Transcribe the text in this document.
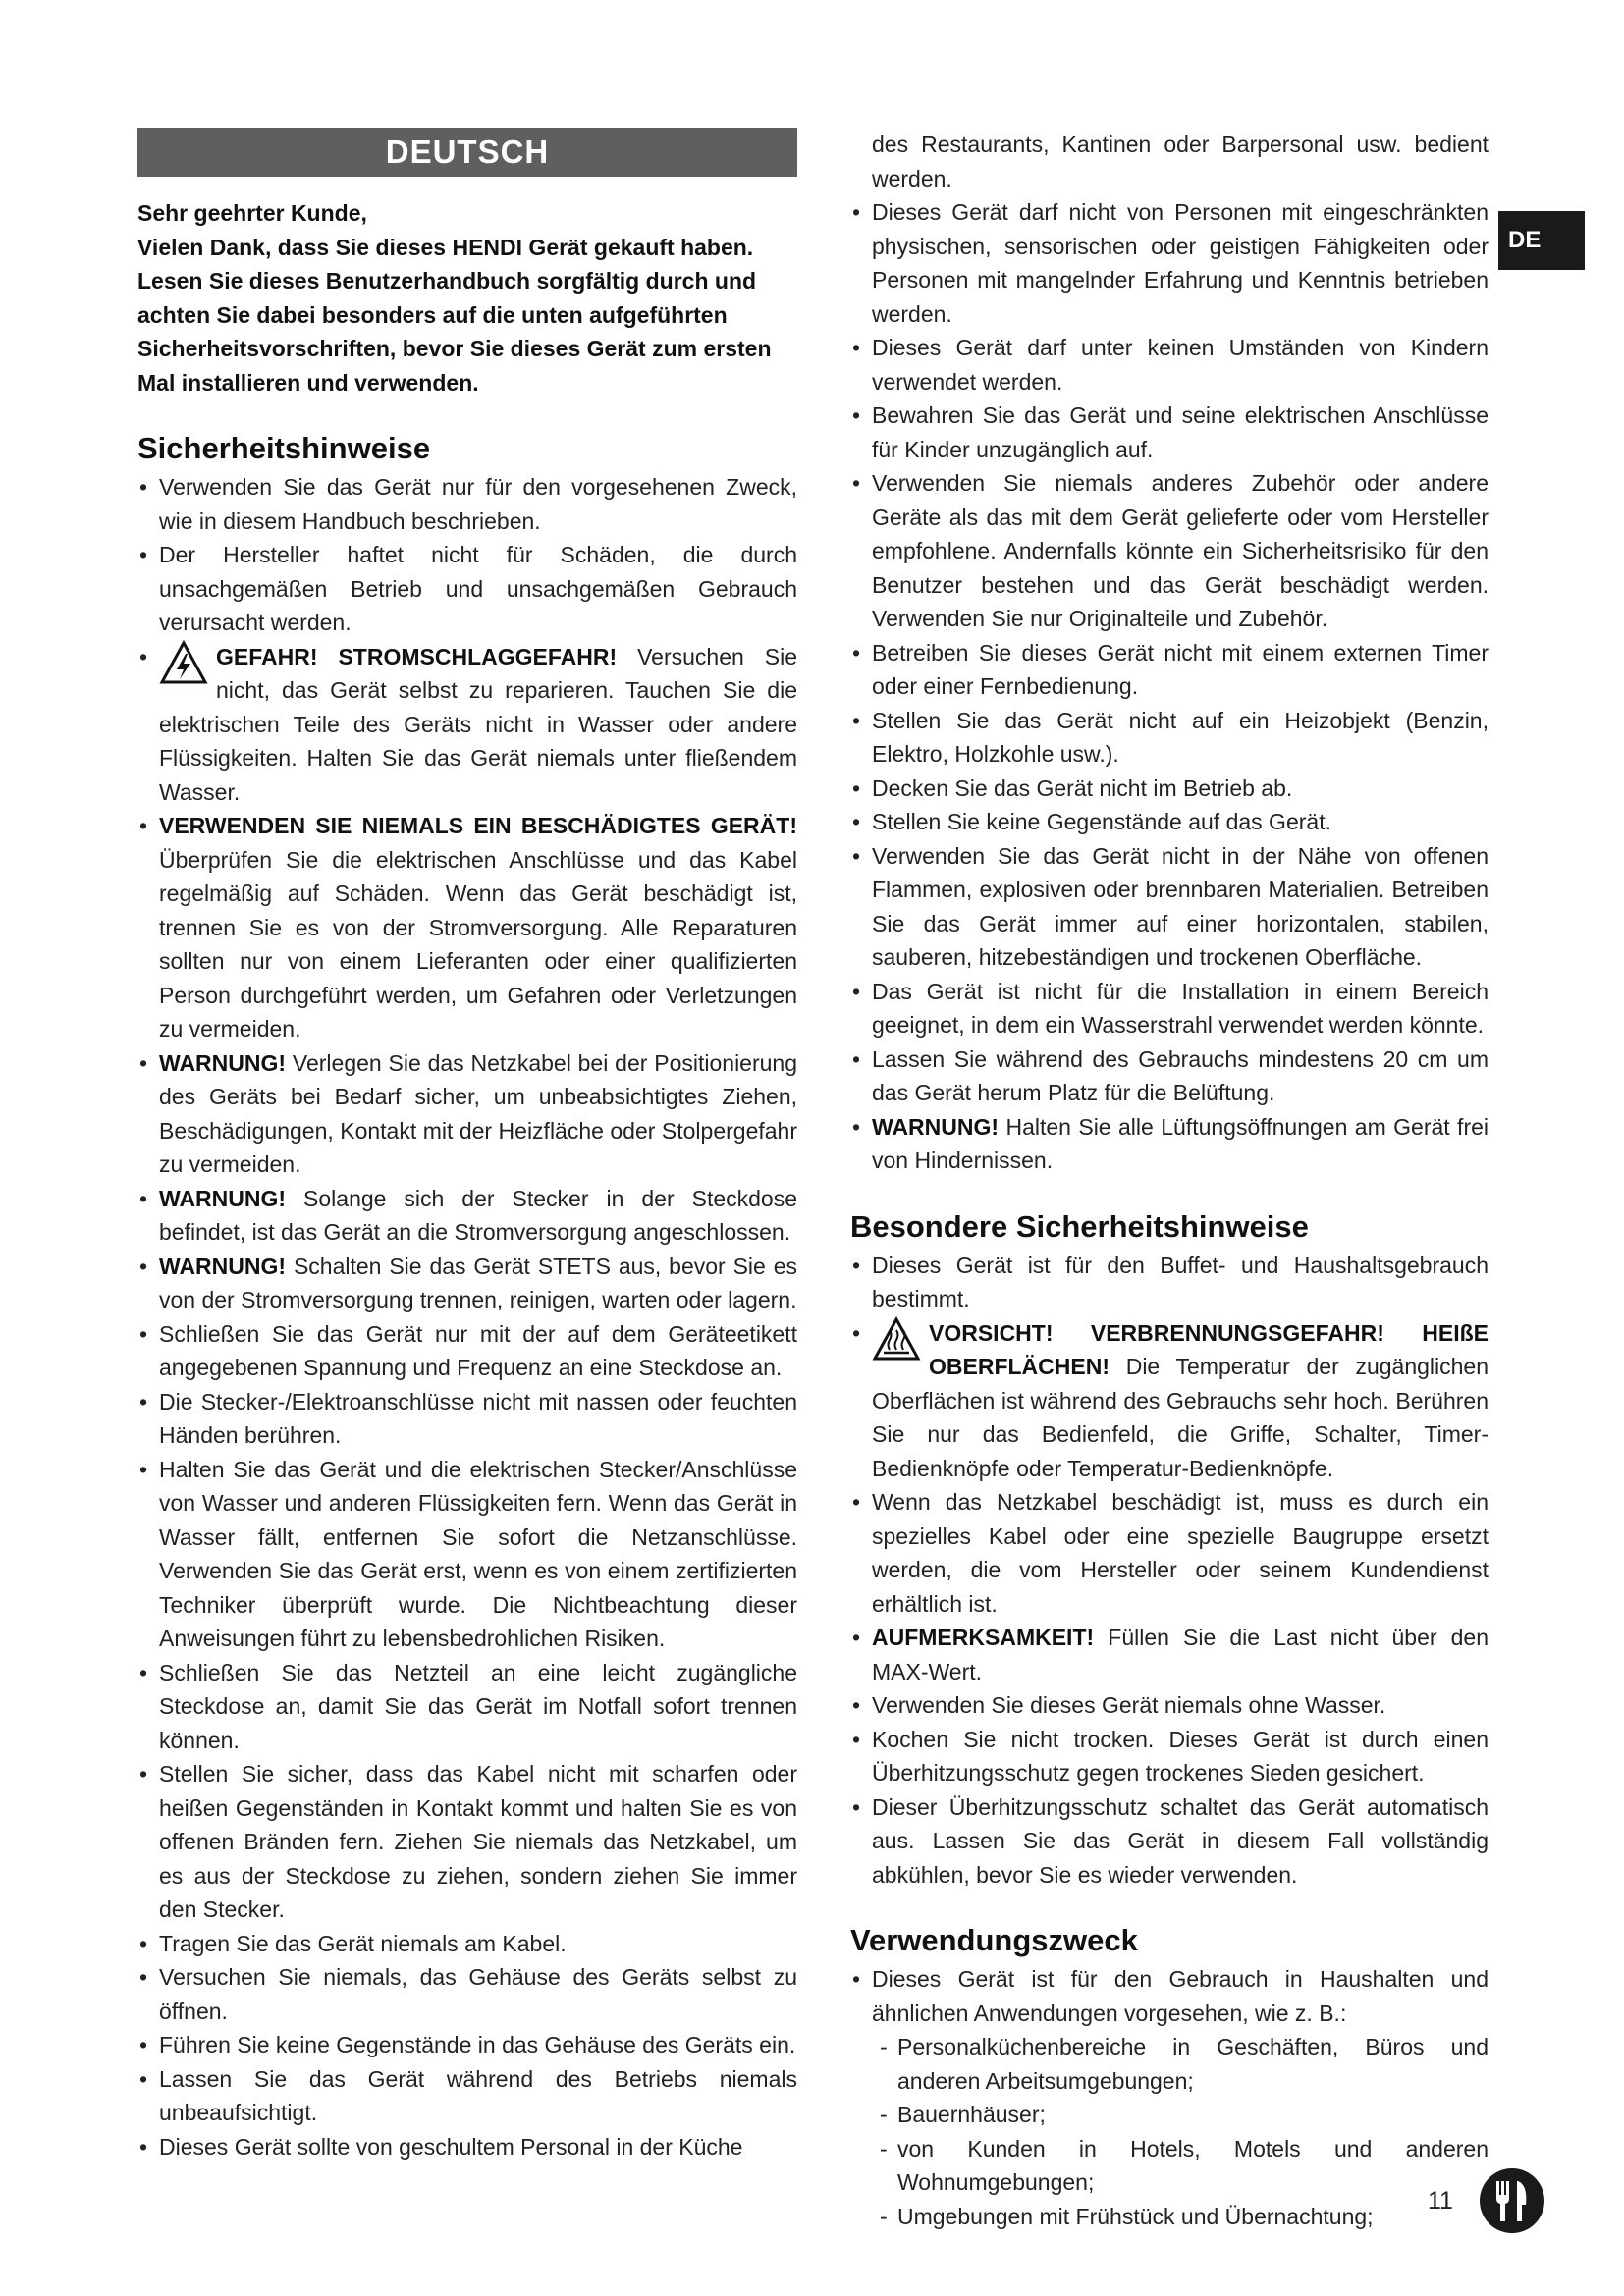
DEUTSCH

Sehr geehrter Kunde,

Vielen Dank, dass Sie dieses HENDI Gerät gekauft haben. Lesen Sie dieses Benutzerhandbuch sorgfältig durch und achten Sie dabei besonders auf die unten aufgeführten Sicherheitsvorschriften, bevor Sie dieses Gerät zum ersten Mal installieren und verwenden.

Sicherheitshinweise
• Verwenden Sie das Gerät nur für den vorgesehenen Zweck, wie in diesem Handbuch beschrieben.
• Der Hersteller haftet nicht für Schäden, die durch unsachgemäßen Betrieb und unsachgemäßen Gebrauch verursacht werden.
• GEFAHR! STROMSCHLAGGEFAHR! Versuchen Sie nicht, das Gerät selbst zu reparieren. Tauchen Sie die elektrischen Teile des Geräts nicht in Wasser oder andere Flüssigkeiten. Halten Sie das Gerät niemals unter fließendem Wasser.
• VERWENDEN SIE NIEMALS EIN BESCHÄDIGTES GERÄT! Überprüfen Sie die elektrischen Anschlüsse und das Kabel regelmäßig auf Schäden. Wenn das Gerät beschädigt ist, trennen Sie es von der Stromversorgung. Alle Reparaturen sollten nur von einem Lieferanten oder einer qualifizierten Person durchgeführt werden, um Gefahren oder Verletzungen zu vermeiden.
• WARNUNG! Verlegen Sie das Netzkabel bei der Positionierung des Geräts bei Bedarf sicher, um unbeabsichtigtes Ziehen, Beschädigungen, Kontakt mit der Heizfläche oder Stolpergefahr zu vermeiden.
• WARNUNG! Solange sich der Stecker in der Steckdose befindet, ist das Gerät an die Stromversorgung angeschlossen.
• WARNUNG! Schalten Sie das Gerät STETS aus, bevor Sie es von der Stromversorgung trennen, reinigen, warten oder lagern.
• Schließen Sie das Gerät nur mit der auf dem Geräteetikett angegebenen Spannung und Frequenz an eine Steckdose an.
• Die Stecker-/Elektroanschlüsse nicht mit nassen oder feuchten Händen berühren.
• Halten Sie das Gerät und die elektrischen Stecker/Anschlüsse von Wasser und anderen Flüssigkeiten fern. Wenn das Gerät in Wasser fällt, entfernen Sie sofort die Netzanschlüsse. Verwenden Sie das Gerät erst, wenn es von einem zertifizierten Techniker überprüft wurde. Die Nichtbeachtung dieser Anweisungen führt zu lebensbedrohlichen Risiken.
• Schließen Sie das Netzteil an eine leicht zugängliche Steckdose an, damit Sie das Gerät im Notfall sofort trennen können.
• Stellen Sie sicher, dass das Kabel nicht mit scharfen oder heißen Gegenständen in Kontakt kommt und halten Sie es von offenen Bränden fern. Ziehen Sie niemals das Netzkabel, um es aus der Steckdose zu ziehen, sondern ziehen Sie immer den Stecker.
• Tragen Sie das Gerät niemals am Kabel.
• Versuchen Sie niemals, das Gehäuse des Geräts selbst zu öffnen.
• Führen Sie keine Gegenstände in das Gehäuse des Geräts ein.
• Lassen Sie das Gerät während des Betriebs niemals unbeaufsichtigt.
• Dieses Gerät sollte von geschultem Personal in der Küche
des Restaurants, Kantinen oder Barpersonal usw. bedient werden.
• Dieses Gerät darf nicht von Personen mit eingeschränkten physischen, sensorischen oder geistigen Fähigkeiten oder Personen mit mangelnder Erfahrung und Kenntnis betrieben werden.
• Dieses Gerät darf unter keinen Umständen von Kindern verwendet werden.
• Bewahren Sie das Gerät und seine elektrischen Anschlüsse für Kinder unzugänglich auf.
• Verwenden Sie niemals anderes Zubehör oder andere Geräte als das mit dem Gerät gelieferte oder vom Hersteller empfohlene. Andernfalls könnte ein Sicherheitsrisiko für den Benutzer bestehen und das Gerät beschädigt werden. Verwenden Sie nur Originalteile und Zubehör.
• Betreiben Sie dieses Gerät nicht mit einem externen Timer oder einer Fernbedienung.
• Stellen Sie das Gerät nicht auf ein Heizobjekt (Benzin, Elektro, Holzkohle usw.).
• Decken Sie das Gerät nicht im Betrieb ab.
• Stellen Sie keine Gegenstände auf das Gerät.
• Verwenden Sie das Gerät nicht in der Nähe von offenen Flammen, explosiven oder brennbaren Materialien. Betreiben Sie das Gerät immer auf einer horizontalen, stabilen, sauberen, hitzebeständigen und trockenen Oberfläche.
• Das Gerät ist nicht für die Installation in einem Bereich geeignet, in dem ein Wasserstrahl verwendet werden könnte.
• Lassen Sie während des Gebrauchs mindestens 20 cm um das Gerät herum Platz für die Belüftung.
• WARNUNG! Halten Sie alle Lüftungsöffnungen am Gerät frei von Hindernissen.
Besondere Sicherheitshinweise
• Dieses Gerät ist für den Buffet- und Haushaltsgebrauch bestimmt.
• VORSICHT! VERBRENNUNGSGEFAHR! HEIßE OBERFLÄCHEN! Die Temperatur der zugänglichen Oberflächen ist während des Gebrauchs sehr hoch. Berühren Sie nur das Bedienfeld, die Griffe, Schalter, Timer-Bedienknöpfe oder Temperatur-Bedienknöpfe.
• Wenn das Netzkabel beschädigt ist, muss es durch ein spezielles Kabel oder eine spezielle Baugruppe ersetzt werden, die vom Hersteller oder seinem Kundendienst erhältlich ist.
• AUFMERKSAMKEIT! Füllen Sie die Last nicht über den MAX-Wert.
• Verwenden Sie dieses Gerät niemals ohne Wasser.
• Kochen Sie nicht trocken. Dieses Gerät ist durch einen Überhitzungsschutz gegen trockenes Sieden gesichert.
• Dieser Überhitzungsschutz schaltet das Gerät automatisch aus. Lassen Sie das Gerät in diesem Fall vollständig abkühlen, bevor Sie es wieder verwenden.
Verwendungszweck
• Dieses Gerät ist für den Gebrauch in Haushalten und ähnlichen Anwendungen vorgesehen, wie z. B.:
- Personalküchenbereiche in Geschäften, Büros und anderen Arbeitsumgebungen;
- Bauernhäuser;
- von Kunden in Hotels, Motels und anderen Wohnumgebungen;
- Umgebungen mit Frühstück und Übernachtung;
DE
11
